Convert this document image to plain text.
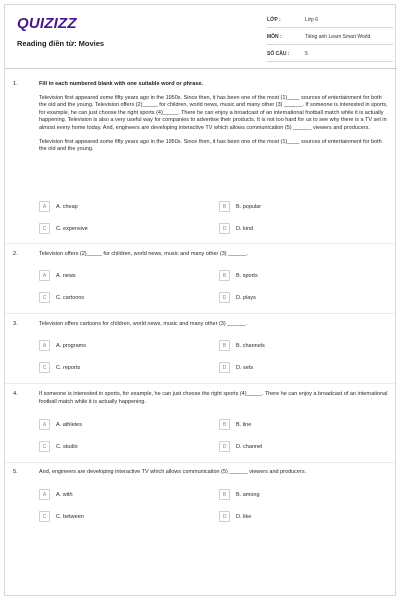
QUIZIZZ
Reading điền từ: Movies
LỚP :	Lớp 6
MÔN :	Tiếng anh Learn Smart World
SỐ CÂU :	5
1.	Fill in each numbered blank with one suitable word or phrase.
Television first appeared some fifty years ago in the 1950s. Since then, it has been one of the most (1)____ sources of entertainment for both the old and the young. Television offers (2)_____ for children, world news, music and many other (3) ______. If someone is interested in sports, for example, he can just choose the right sports (4)_____. There he can enjoy a broadcast of an international football match while it is actually happening. Television is also a very useful way for companies to advertise their products. It is not too hard for us to see why there is a TV set in almost every home today. And, engineers are developing interactive TV which allows communication (5) ______ viewers and producers.
Television first appeared some fifty years ago in the 1950s. Since then, it has been one of the most (1)____ sources of entertainment for both the old and the young.
A	A. cheap	B	B. popular
C	C. expensive	D	D. kind
2.	Television offers (2)_____ for children, world news, music and many other (3) ______.
A	A. news	B	B. sports
C	C. cartoons	D	D. plays
3.	Television offers cartoons for children, world news, music and many other (3) ______.
A	A. programs	B	B. channels
C	C. reports	D	D. sets
4.	If someone is interested in sports, for example, he can just choose the right sports (4)_____. There he can enjoy a broadcast of an international football match while it is actually happening.
A	A. athletes	B	B. line
C	C. studio	D	D. channel
5.	And, engineers are developing interactive TV which allows communication (5) ______ viewers and producers.
A	A. with	B	B. among
C	C. between	D	D. like
